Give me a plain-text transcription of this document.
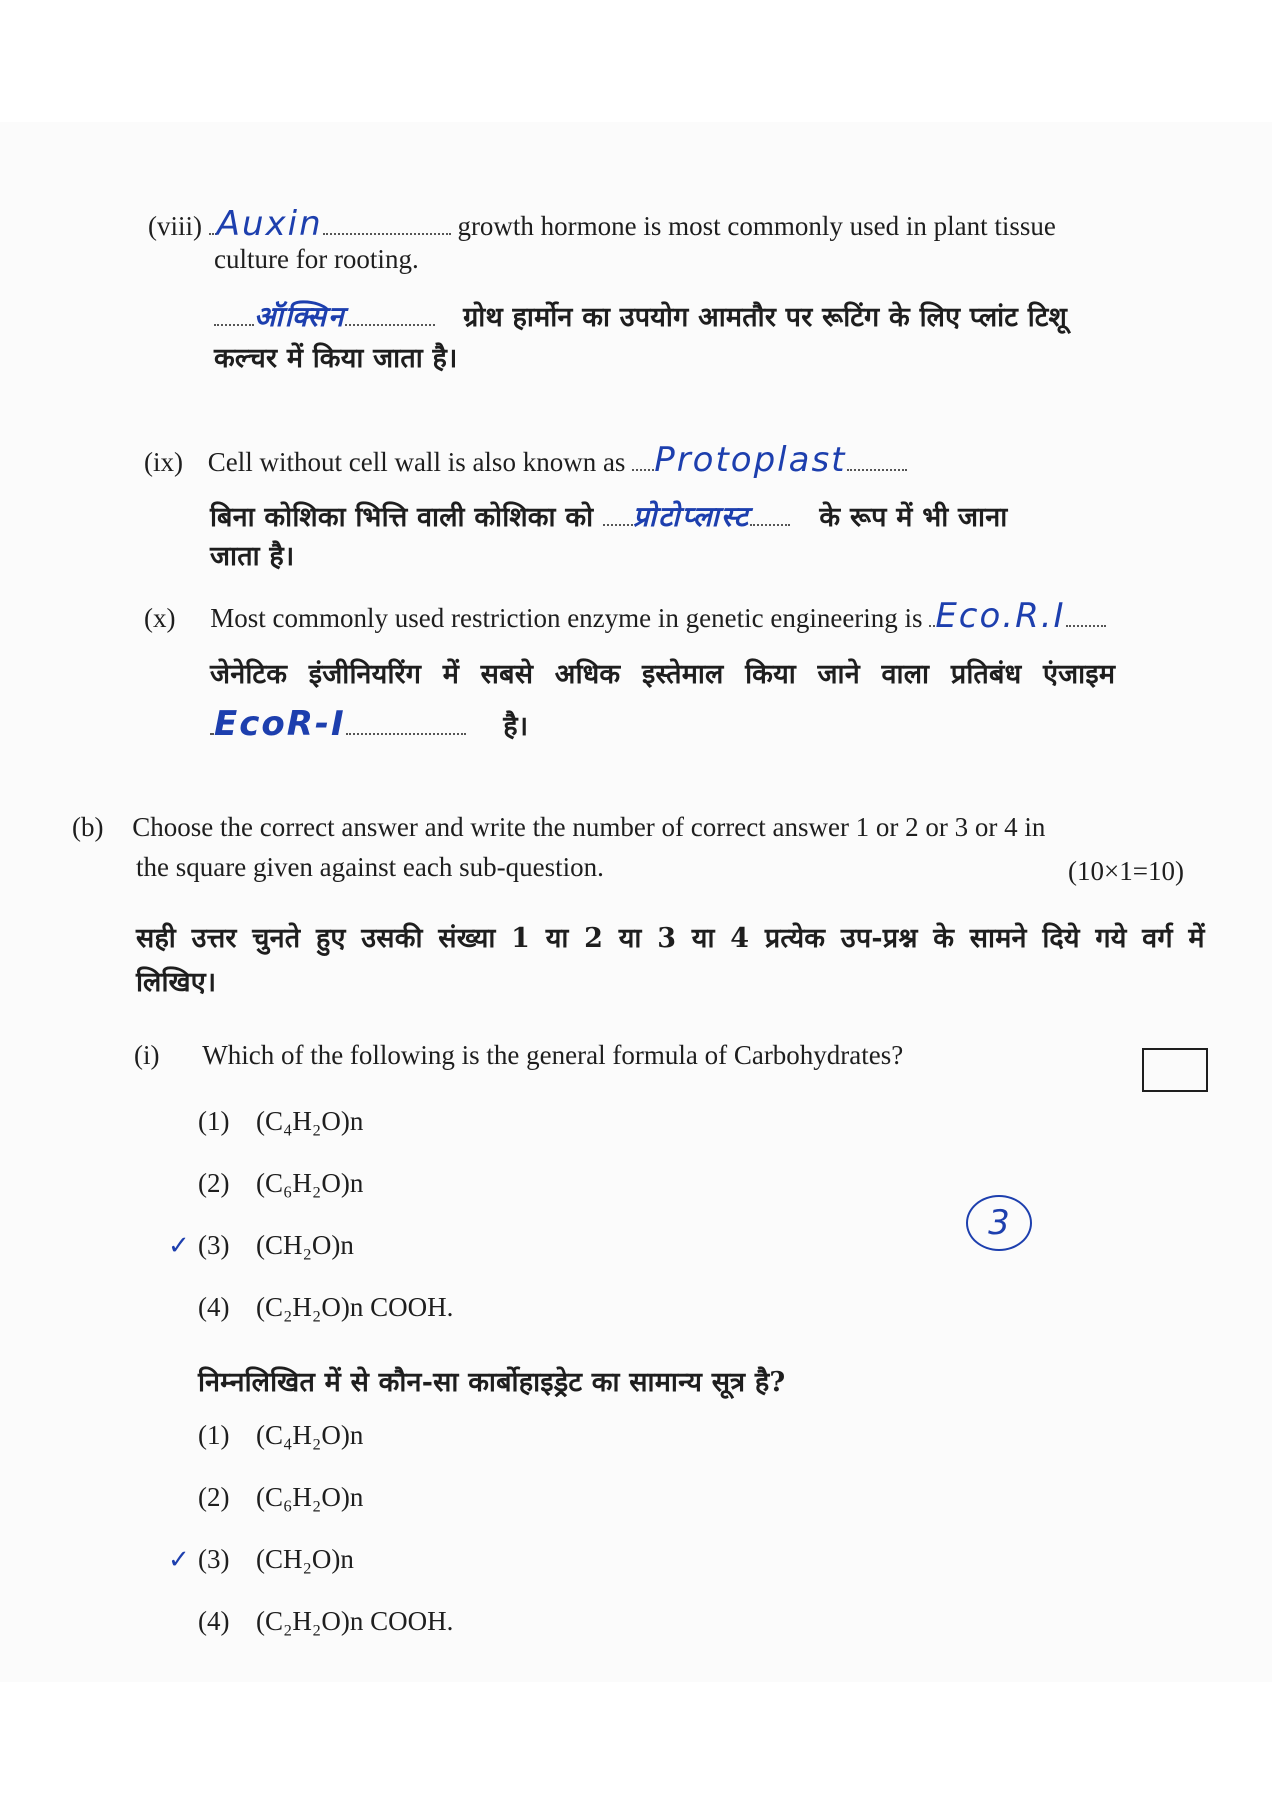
(viii) Auxin	growth hormone is most commonly used in plant tissue
culture for rooting.
ऑक्सिन	ग्रोथ हार्मोन का उपयोग आमतौर पर रूटिंग के लिए प्लांट टिशू
कल्चर में किया जाता है।
(ix) Cell without cell wall is also known as Protoplast
बिना कोशिका भित्ति वाली कोशिका को प्रोटोप्लास्ट	के रूप में भी जाना
जाता है।
(x) Most commonly used restriction enzyme in genetic engineering is Eco.R.I
जेनेटिक इंजीनियरिंग में सबसे अधिक इस्तेमाल किया जाने वाला प्रतिबंध एंजाइम
EcoR-I	है।
(b) Choose the correct answer and write the number of correct answer 1 or 2 or 3 or 4 in
the square given against each sub-question.	(10×1=10)
सही उत्तर चुनते हुए उसकी संख्या 1 या 2 या 3 या 4 प्रत्येक उप-प्रश्न के सामने दिये गये वर्ग में
लिखिए।
(i) Which of the following is the general formula of Carbohydrates?
3
(1) (C₄H₂O)n
(2) (C₆H₂O)n
✓ (3) (CH₂O)n
(4) (C₂H₂O)n COOH.
निम्नलिखित में से कौन-सा कार्बोहाइड्रेट का सामान्य सूत्र है?
(1) (C₄H₂O)n
(2) (C₆H₂O)n
✓ (3) (CH₂O)n
(4) (C₂H₂O)n COOH.
